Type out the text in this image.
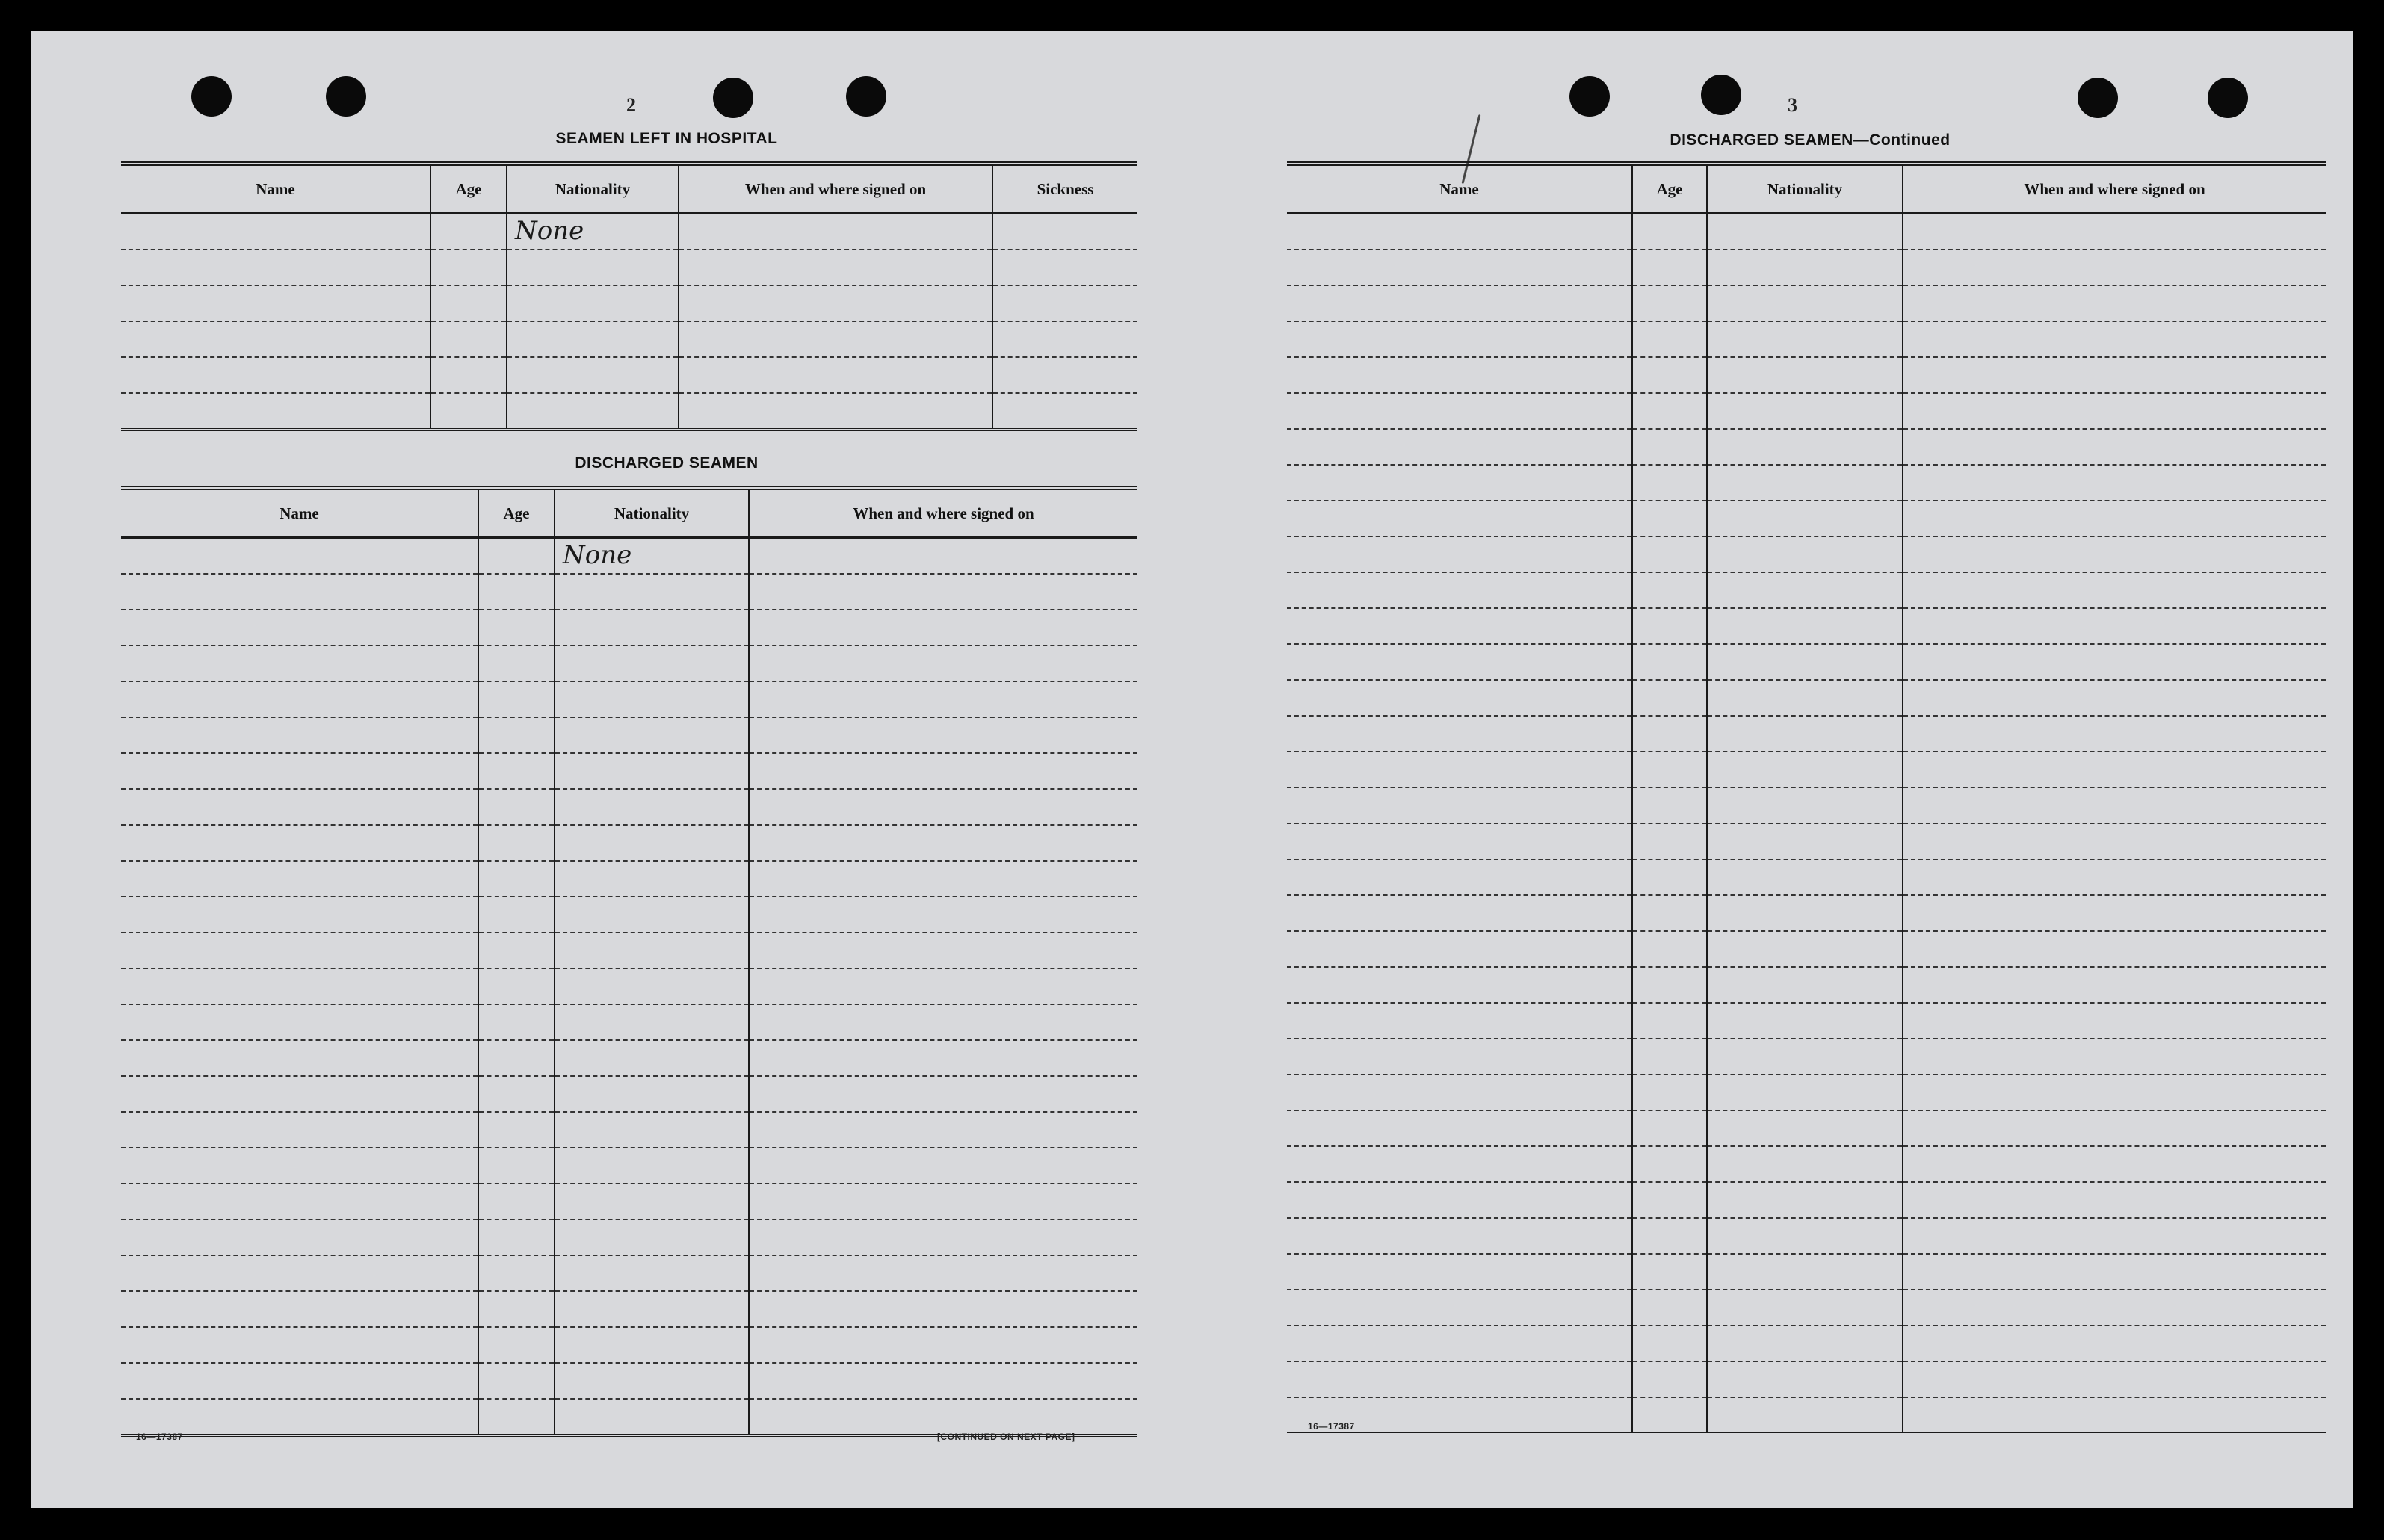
2
SEAMEN LEFT IN HOSPITAL
Name	Age	Nationality	When and where signed on	Sickness

		None		

DISCHARGED SEAMEN
Name	Age	Nationality	When and where signed on

		None	

16—17387	[CONTINUED ON NEXT PAGE]
3
DISCHARGED SEAMEN—Continued
Name	Age	Nationality	When and where signed on

16—17387
